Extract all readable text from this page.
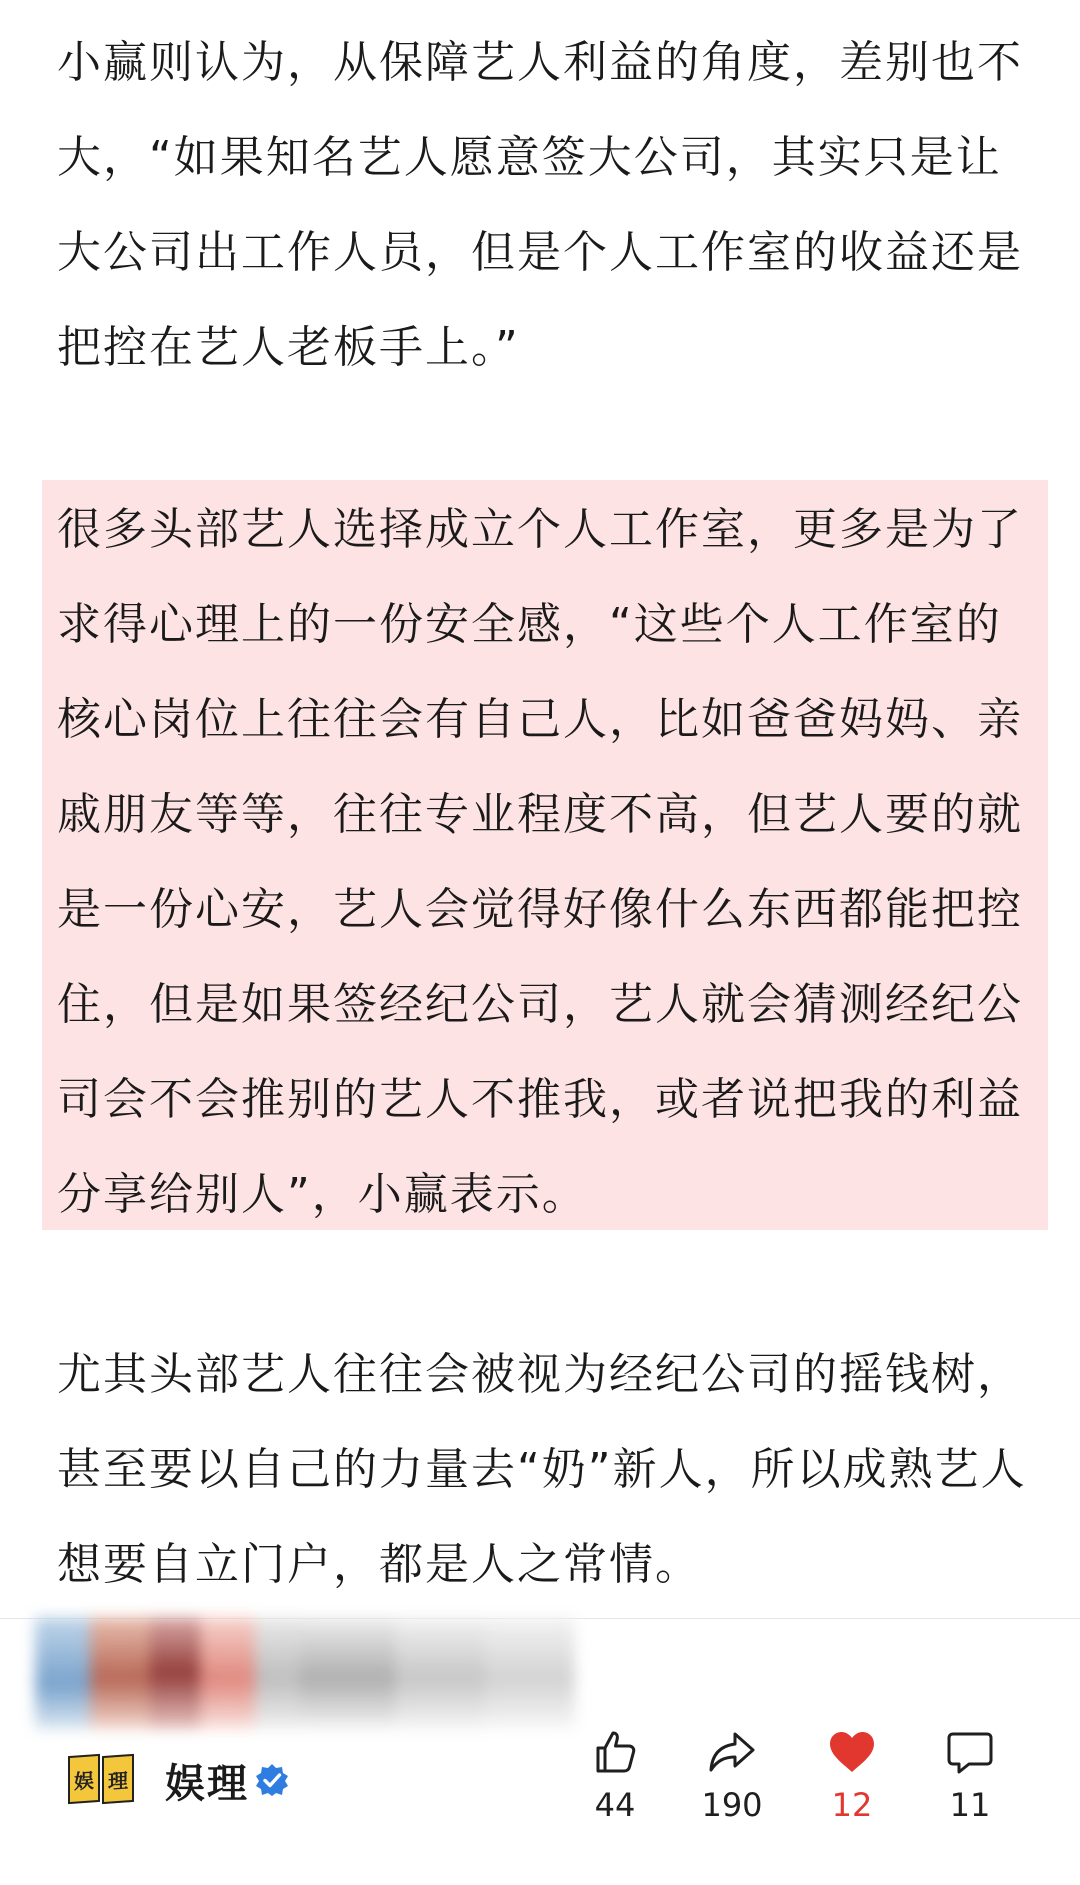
小赢则认为，从保障艺人利益的角度，差别也不
大，“如果知名艺人愿意签大公司，其实只是让
大公司出工作人员，但是个人工作室的收益还是
把控在艺人老板手上。”

很多头部艺人选择成立个人工作室，更多是为了
求得心理上的一份安全感，“这些个人工作室的
核心岗位上往往会有自己人，比如爸爸妈妈、亲
戚朋友等等，往往专业程度不高，但艺人要的就
是一份心安，艺人会觉得好像什么东西都能把控
住，但是如果签经纪公司，艺人就会猜测经纪公
司会不会推别的艺人不推我，或者说把我的利益
分享给别人”，小赢表示。

尤其头部艺人往往会被视为经纪公司的摇钱树，
甚至要以自己的力量去“奶”新人，所以成熟艺人
想要自立门户，都是人之常情。

娱 理 娱理	44	190	12	11
